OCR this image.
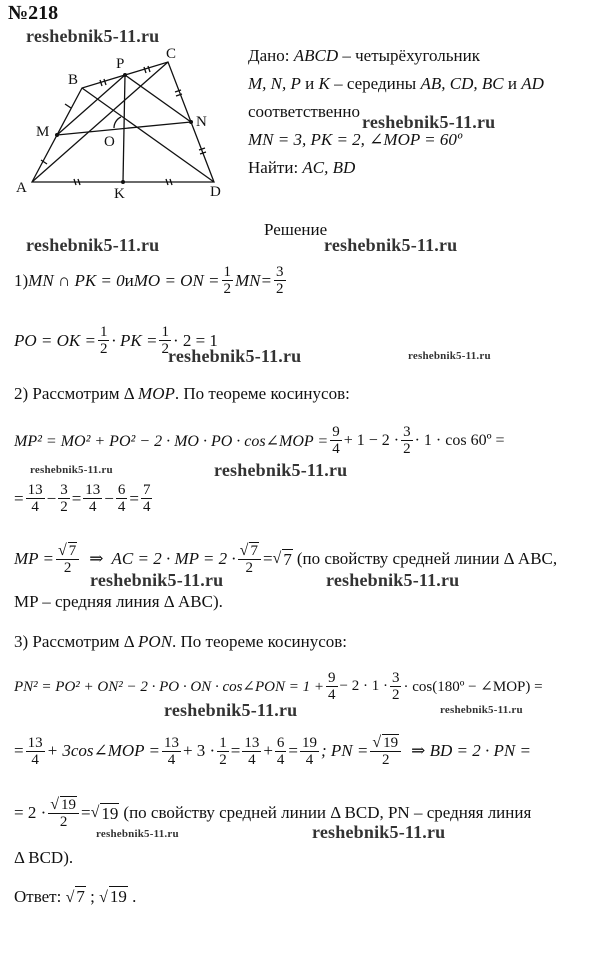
№218
reshebnik5-11.ru
A
B
C
D
M
N
P
K
O
Дано: ABCD – четырёхугольник
M, N, P и K – середины AB, CD, BC и AD
соответственно
reshebnik5-11.ru
MN = 3, PK = 2, ∠MOP = 60º
Найти: AC, BD
Решение
reshebnik5-11.ru	reshebnik5-11.ru
1) MN ∩ PK = 0 и MO = ON = $\frac{1}{2} MN= \frac{3}{2}$
PO = OK = $\frac{1}{2}$ · PK = $\frac{1}{2} \cdot 2 = 1$
reshebnik5-11.ru	reshebnik5-11.ru
2) Рассмотрим Δ MOP. По теореме косинусов:
MP² = MO² + PO² − 2 · MO · PO · cos∠MOP = $\frac{9}{4} + 1 - 2 \cdot 3$
2
· 1 · cos 60º =
reshebnik5-11.ru	reshebnik5-11.ru
= $\frac{13}{4} - \frac{3}{2} = \frac{13}{4} - \frac{6}{4} = \frac{7}{4}$
MP = $\frac{√ 7}{2}$ ⇒ AC = 2 · MP = $2 \cdot \frac{√ 7}{2}$ = √ 7 (по свойству средней линии Δ ABC,
reshebnik5-11.ru	reshebnik5-11.ru
MP – средняя линия Δ ABC).
3) Рассмотрим Δ PON. По теореме косинусов:
PN² = PO² + ON² − 2 · PO · ON · cos∠PON = $1 + \frac{9}{4} - 2 \cdot 1 \cdot 3$
2 · cos(180º − ∠MOP) =
reshebnik5-11.ru	reshebnik5-11.ru
= $\frac{13}{4}$ + 3cos∠MOP = $\frac{13}{4} + 3 \cdot \frac{1}{2} = \frac{13}{4} + \frac{6}{4} = \frac{19}{4}$ ; PN = $\frac{√ 19}{2}$ ⇒ BD = 2 · PN =
= $2 \cdot \frac{√ 19}{2}$ = √ 19 (по свойству средней линии Δ BCD, PN – средняя линия
reshebnik5-11.ru	reshebnik5-11.ru
Δ BCD).
Ответ: √ 7 ; √ 19 .
